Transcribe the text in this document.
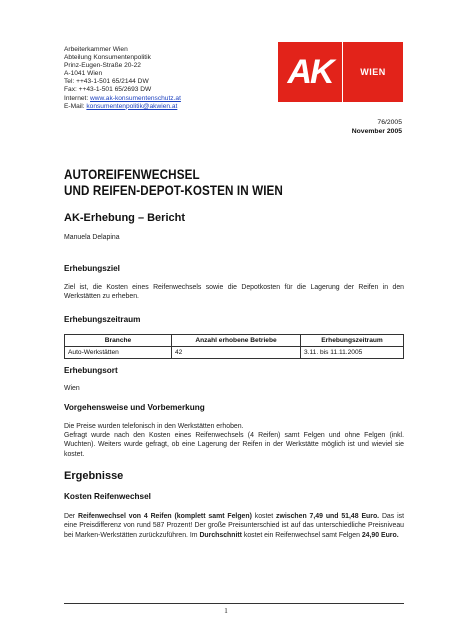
Arbeiterkammer Wien
Abteilung Konsumentenpolitik
Prinz-Eugen-Straße 20-22
A-1041 Wien
Tel: ++43-1-501 65/2144 DW
Fax: ++43-1-501 65/2693 DW
Internet: www.ak-konsumentenschutz.at
E-Mail: konsumentenpolitik@akwien.at
AK	WIEN
76/2005
November 2005
AUTOREIFENWECHSEL
UND REIFEN-DEPOT-KOSTEN IN WIEN
AK-Erhebung – Bericht
Manuela Delapina
Erhebungsziel
Ziel ist, die Kosten eines Reifenwechsels sowie die Depotkosten für die Lagerung der Reifen in den Werkstätten zu erheben.
Erhebungszeitraum
Branche	Anzahl erhobene Betriebe	Erhebungszeitraum
Auto-Werkstätten	42	3.11. bis 11.11.2005
Erhebungsort
Wien
Vorgehensweise und Vorbemerkung
Die Preise wurden telefonisch in den Werkstätten erhoben.
Gefragt wurde nach den Kosten eines Reifenwechsels (4 Reifen) samt Felgen und ohne Felgen (inkl. Wuchten). Weiters wurde gefragt, ob eine Lagerung der Reifen in der Werkstätte möglich ist und wieviel sie kostet.
Ergebnisse
Kosten Reifenwechsel
Der Reifenwechsel von 4 Reifen (komplett samt Felgen) kostet zwischen 7,49 und 51,48 Euro. Das ist eine Preisdifferenz von rund 587 Prozent! Der große Preisunterschied ist auf das unterschiedliche Preisniveau bei Marken-Werkstätten zurückzuführen. Im Durchschnitt kostet ein Reifenwechsel samt Felgen 24,90 Euro.
1
